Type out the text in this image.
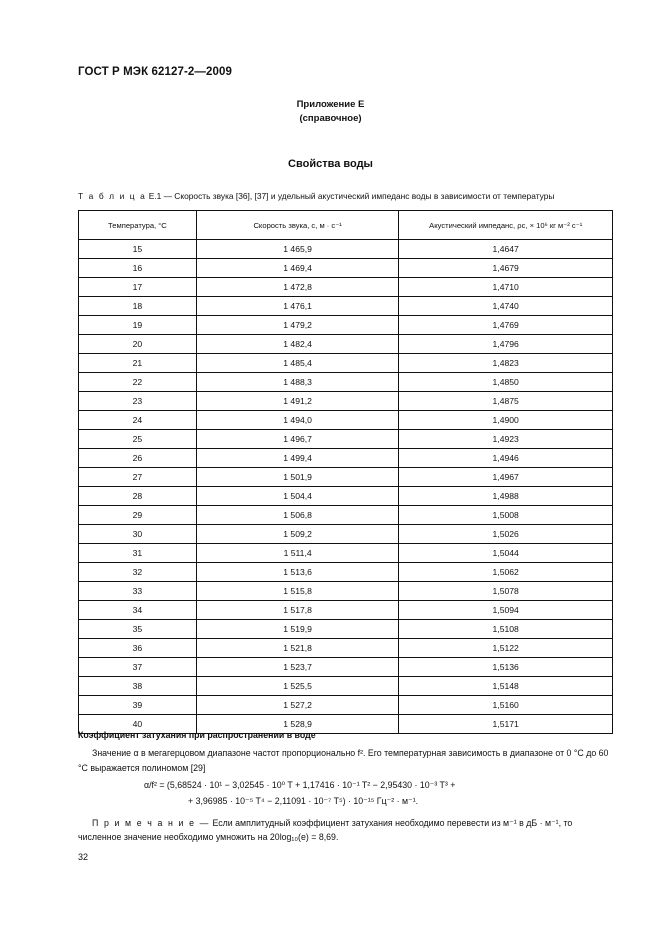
ГОСТ Р МЭК 62127-2—2009
Приложение Е
(справочное)
Свойства воды
Т а б л и ц а Е.1 — Скорость звука [36], [37] и удельный акустический импеданс воды в зависимости от температуры
Температура, °С	Скорость звука, c, м · с⁻¹	Акустический импеданс, ρc, × 10⁶ кг м⁻² с⁻¹
15	1 465,9	1,4647
16	1 469,4	1,4679
17	1 472,8	1,4710
18	1 476,1	1,4740
19	1 479,2	1,4769
20	1 482,4	1,4796
21	1 485,4	1,4823
22	1 488,3	1,4850
23	1 491,2	1,4875
24	1 494,0	1,4900
25	1 496,7	1,4923
26	1 499,4	1,4946
27	1 501,9	1,4967
28	1 504,4	1,4988
29	1 506,8	1,5008
30	1 509,2	1,5026
31	1 511,4	1,5044
32	1 513,6	1,5062
33	1 515,8	1,5078
34	1 517,8	1,5094
35	1 519,9	1,5108
36	1 521,8	1,5122
37	1 523,7	1,5136
38	1 525,5	1,5148
39	1 527,2	1,5160
40	1 528,9	1,5171
Коэффициент затухания при распространении в воде
Значение α в мегагерцовом диапазоне частот пропорционально f². Его температурная зависимость в диапазоне от 0 °С до 60 °С выражается полиномом [29]
α/f² = (5,68524 · 10¹ − 3,02545 · 10⁰ T + 1,17416 · 10⁻¹ T² − 2,95430 · 10⁻³ T³ +
+ 3,96985 · 10⁻⁵ T⁴ − 2,11091 · 10⁻⁷ T⁵) · 10⁻¹⁵ Гц⁻² · м⁻¹.
П р и м е ч а н и е — Если амплитудный коэффициент затухания необходимо перевести из м⁻¹ в дБ · м⁻¹, то численное значение необходимо умножить на 20log₁₀(e) = 8,69.
32
